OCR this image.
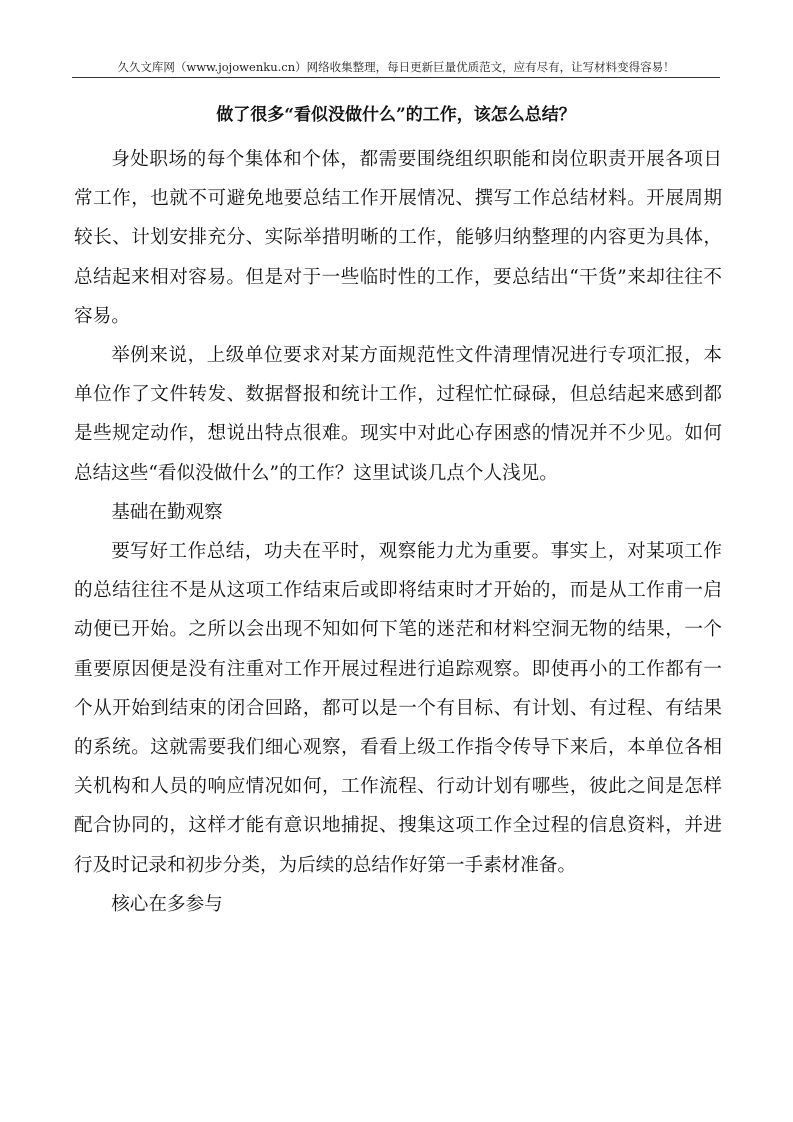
久久文库网（www.jojowenku.cn）网络收集整理，每日更新巨量优质范文，应有尽有，让写材料变得容易！
做了很多“看似没做什么”的工作，该怎么总结？

身处职场的每个集体和个体，都需要围绕组织职能和岗位职责开展各项日常工作，也就不可避免地要总结工作开展情况、撰写工作总结材料。开展周期较长、计划安排充分、实际举措明晰的工作，能够归纳整理的内容更为具体，总结起来相对容易。但是对于一些临时性的工作，要总结出“干货”来却往往不容易。

举例来说，上级单位要求对某方面规范性文件清理情况进行专项汇报，本单位作了文件转发、数据督报和统计工作，过程忙忙碌碌，但总结起来感到都是些规定动作，想说出特点很难。现实中对此心存困惑的情况并不少见。如何总结这些“看似没做什么”的工作？这里试谈几点个人浅见。

基础在勤观察

要写好工作总结，功夫在平时，观察能力尤为重要。事实上，对某项工作的总结往往不是从这项工作结束后或即将结束时才开始的，而是从工作甫一启动便已开始。之所以会出现不知如何下笔的迷茫和材料空洞无物的结果，一个重要原因便是没有注重对工作开展过程进行追踪观察。即使再小的工作都有一个从开始到结束的闭合回路，都可以是一个有目标、有计划、有过程、有结果的系统。这就需要我们细心观察，看看上级工作指令传导下来后，本单位各相关机构和人员的响应情况如何，工作流程、行动计划有哪些，彼此之间是怎样配合协同的，这样才能有意识地捕捉、搜集这项工作全过程的信息资料，并进行及时记录和初步分类，为后续的总结作好第一手素材准备。

核心在多参与
